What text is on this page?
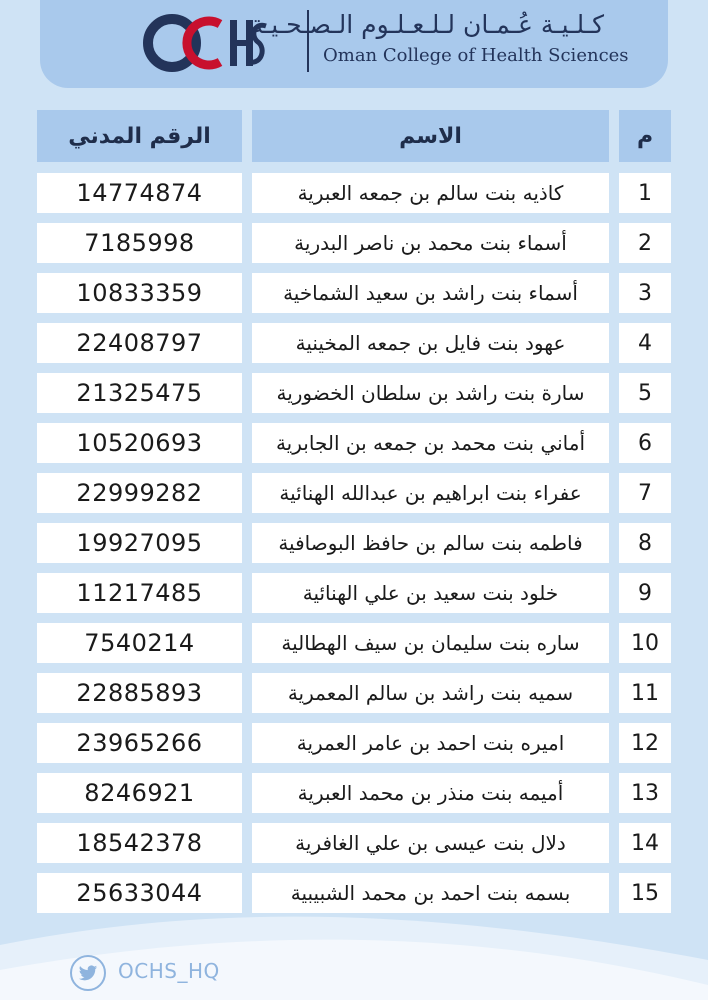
كـلـيـة عُـمـان لـلـعـلـوم الـصـحـيـة
Oman College of Health Sciences
م
الاسم
الرقم المدني
1
كاذيه بنت سالم بن جمعه العبرية
14774874
2
أسماء بنت محمد بن ناصر البدرية
7185998
3
أسماء بنت راشد بن سعيد الشماخية
10833359
4
عهود بنت فايل بن جمعه المخينية
22408797
5
سارة بنت راشد بن سلطان الخضورية
21325475
6
أماني بنت محمد بن جمعه بن الجابرية
10520693
7
عفراء بنت ابراهيم بن عبدالله الهنائية
22999282
8
فاطمه بنت سالم بن حافظ البوصافية
19927095
9
خلود بنت سعيد بن علي الهنائية
11217485
10
ساره بنت سليمان بن سيف الهطالية
7540214
11
سميه بنت راشد بن سالم المعمرية
22885893
12
اميره بنت احمد بن عامر العمرية
23965266
13
أميمه بنت منذر بن محمد العبرية
8246921
14
دلال بنت عيسى بن علي الغافرية
18542378
15
بسمه بنت احمد بن محمد الشبيبية
25633044
OCHS_HQ
